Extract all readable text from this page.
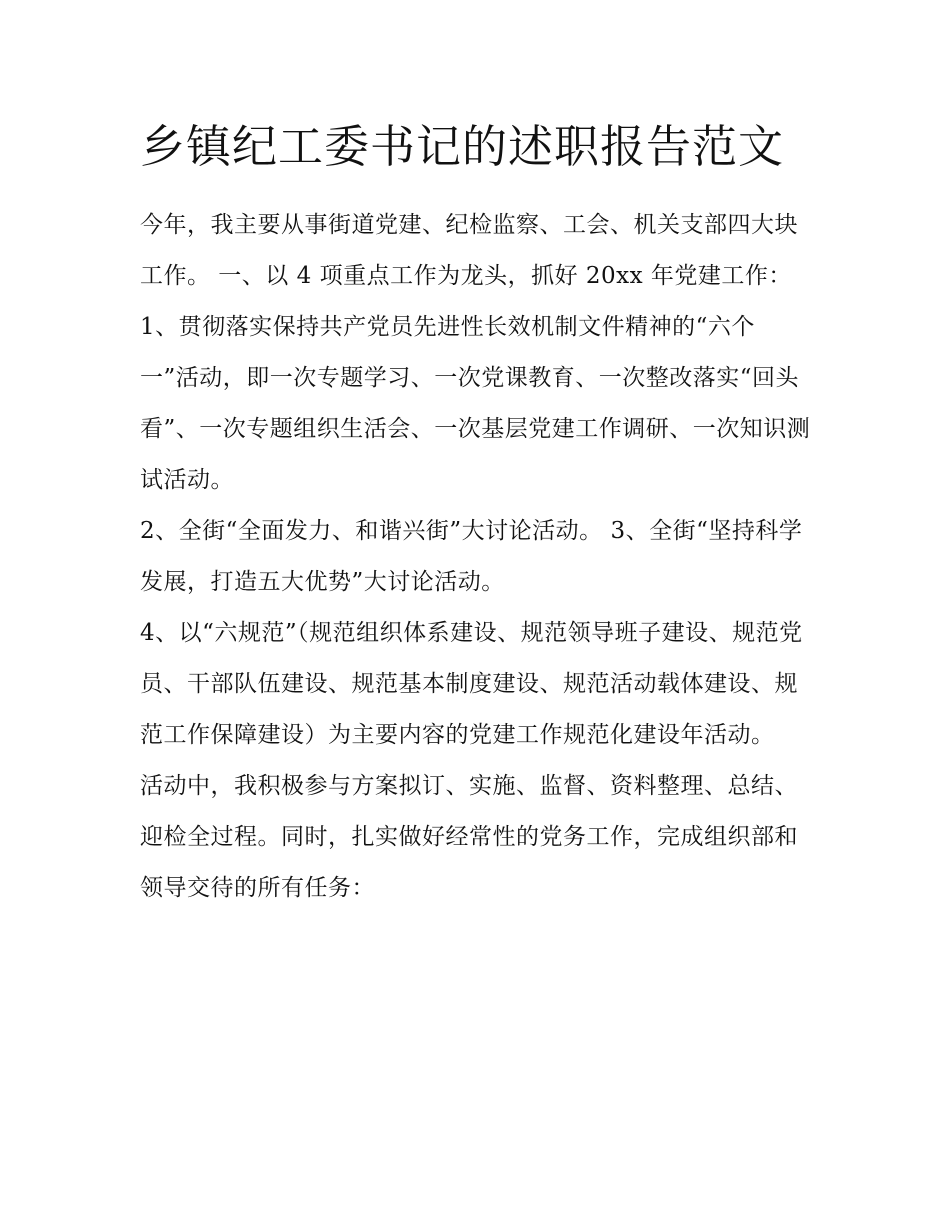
乡镇纪工委书记的述职报告范文

今年，我主要从事街道党建、纪检监察、工会、机关支部四大块工作。 一、以 4 项重点工作为龙头，抓好 20xx 年党建工作：

1、贯彻落实保持共产党员先进性长效机制文件精神的“六个一”活动，即一次专题学习、一次党课教育、一次整改落实“回头看”、一次专题组织生活会、一次基层党建工作调研、一次知识测试活动。

2、全街“全面发力、和谐兴街”大讨论活动。 3、全街“坚持科学发展，打造五大优势”大讨论活动。

4、以“六规范”（规范组织体系建设、规范领导班子建设、规范党员、干部队伍建设、规范基本制度建设、规范活动载体建设、规范工作保障建设）为主要内容的党建工作规范化建设年活动。

活动中，我积极参与方案拟订、实施、监督、资料整理、总结、迎检全过程。同时，扎实做好经常性的党务工作，完成组织部和领导交待的所有任务：
